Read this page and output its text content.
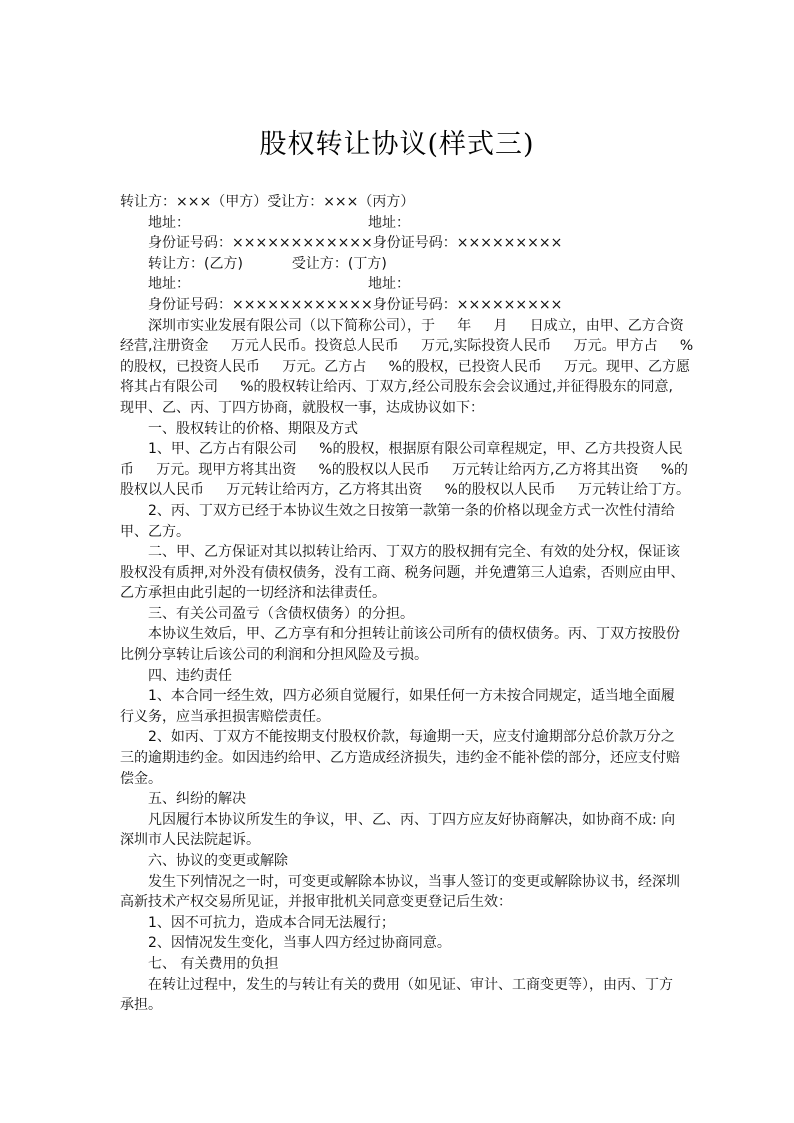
股权转让协议(样式三)

转让方：×××（甲方）受让方：×××（丙方）

地址：                                        地址：

身份证号码：××××××××××××身份证号码：×××××××××

转让方：(乙方)           受让方：(丁方)

地址：                                        地址：

身份证号码：××××××××××××身份证号码：×××××××××

深圳市实业发展有限公司（以下简称公司），于     年     月     日成立，由甲、乙方合资

经营,注册资金     万元人民币。投资总人民币     万元,实际投资人民币     万元。甲方占     %

的股权，已投资人民币     万元。乙方占     %的股权，已投资人民币     万元。现甲、乙方愿

将其占有限公司     %的股权转让给丙、丁双方,经公司股东会会议通过,并征得股东的同意,

现甲、乙、丙、丁四方协商，就股权一事，达成协议如下：

一、股权转让的价格、期限及方式

1、甲、乙方占有限公司     %的股权，根据原有限公司章程规定，甲、乙方共投资人民

币     万元。现甲方将其出资     %的股权以人民币     万元转让给丙方,乙方将其出资     %的

股权以人民币     万元转让给丙方，乙方将其出资     %的股权以人民币     万元转让给丁方。

2、丙、丁双方已经于本协议生效之日按第一款第一条的价格以现金方式一次性付清给

甲、乙方。

二、甲、乙方保证对其以拟转让给丙、丁双方的股权拥有完全、有效的处分权，保证该

股权没有质押,对外没有债权债务，没有工商、税务问题，并免遭第三人追索，否则应由甲、

乙方承担由此引起的一切经济和法律责任。

三、有关公司盈亏（含债权债务）的分担。

本协议生效后，甲、乙方享有和分担转让前该公司所有的债权债务。丙、丁双方按股份

比例分享转让后该公司的利润和分担风险及亏损。

四、违约责任

1、本合同一经生效，四方必须自觉履行，如果任何一方未按合同规定，适当地全面履

行义务，应当承担损害赔偿责任。

2、如丙、丁双方不能按期支付股权价款，每逾期一天，应支付逾期部分总价款万分之

三的逾期违约金。如因违约给甲、乙方造成经济损失，违约金不能补偿的部分，还应支付赔

偿金。

五、纠纷的解决

凡因履行本协议所发生的争议，甲、乙、丙、丁四方应友好协商解决，如协商不成: 向

深圳市人民法院起诉。

六、协议的变更或解除

发生下列情况之一时，可变更或解除本协议，当事人签订的变更或解除协议书，经深圳

高新技术产权交易所见证，并报审批机关同意变更登记后生效：

1、因不可抗力，造成本合同无法履行；

2、因情况发生变化，当事人四方经过协商同意。

七、 有关费用的负担

在转让过程中，发生的与转让有关的费用（如见证、审计、工商变更等），由丙、丁方

承担。
